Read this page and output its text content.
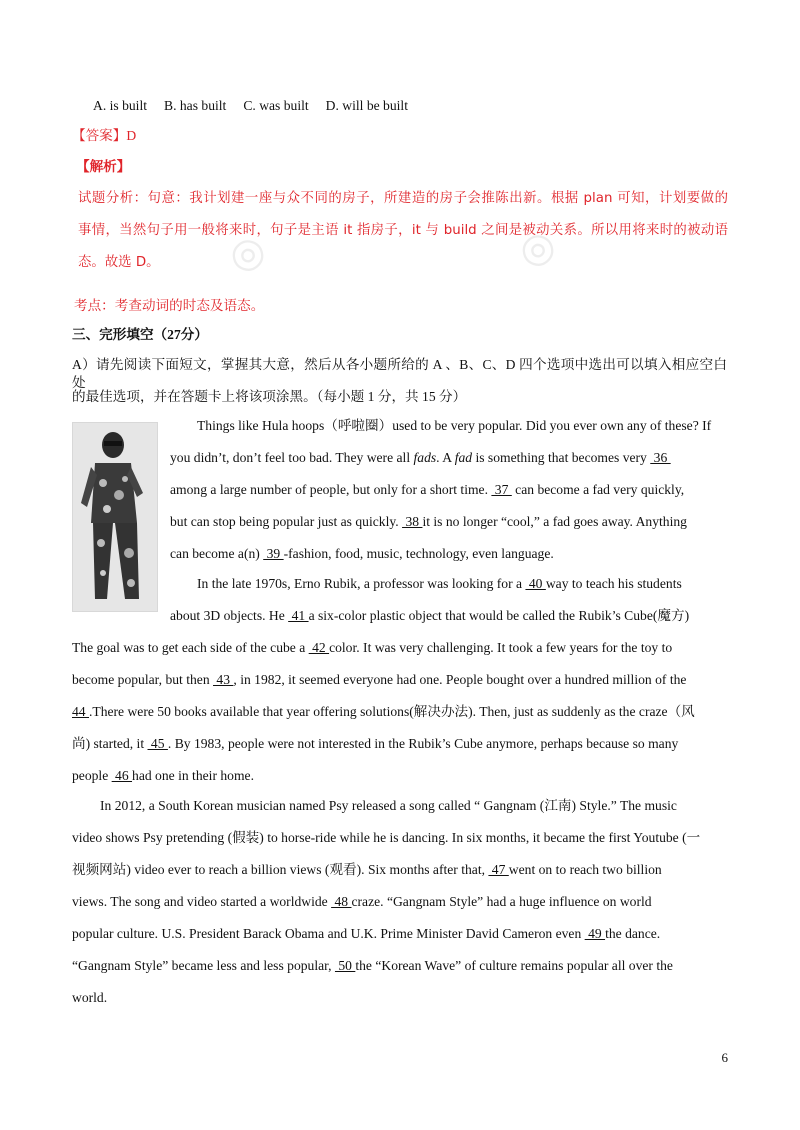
◎	◎
A. is built B. has built C. was built D. will be built
【答案】D
【解析】
试题分析：句意：我计划建一座与众不同的房子，所建造的房子会推陈出新。根据 plan 可知，计划要做的
事情，当然句子用一般将来时，句子是主语 it 指房子，it 与 build 之间是被动关系。所以用将来时的被动语
态。故选 D。
考点：考查动词的时态及语态。
三、完形填空（27分）
A）请先阅读下面短文，掌握其大意，然后从各小题所给的 A 、B、C、D 四个选项中选出可以填入相应空白处
的最佳选项，并在答题卡上将该项涂黑。（每小题 1 分，共 15 分）
Things like Hula hoops（呼啦圈）used to be very popular. Did you ever own any of these? If
you didn’t, don’t feel too bad. They were all fads. A fad is something that becomes very  36
among a large number of people, but only for a short time.  37  can become a fad very quickly,
but can stop being popular just as quickly.  38 it is no longer “cool,” a fad goes away. Anything
can become a(n)  39 -fashion, food, music, technology, even language.
In the late 1970s, Erno Rubik, a professor was looking for a  40 way to teach his students
about 3D objects. He  41 a six-color plastic object that would be called the Rubik’s Cube(魔方)
The goal was to get each side of the cube a  42 color. It was very challenging. It took a few years for the toy to
become popular, but then  43 , in 1982, it seemed everyone had one. People bought over a hundred million of the
44 .There were 50 books available that year offering solutions(解决办法). Then, just as suddenly as the craze（风
尚) started, it  45 . By 1983, people were not interested in the Rubik’s Cube anymore, perhaps because so many
people  46 had one in their home.
In 2012, a South Korean musician named Psy released a song called “ Gangnam (江南) Style.” The music
video shows Psy pretending (假装) to horse-ride while he is dancing. In six months, it became the first Youtube (一
视频网站) video ever to reach a billion views (观看). Six months after that,  47 went on to reach two billion
views. The song and video started a worldwide  48 craze. “Gangnam Style” had a huge influence on world
popular culture. U.S. President Barack Obama and U.K. Prime Minister David Cameron even  49 the dance.
“Gangnam Style” became less and less popular,  50 the “Korean Wave” of culture remains popular all over the
world.
6
